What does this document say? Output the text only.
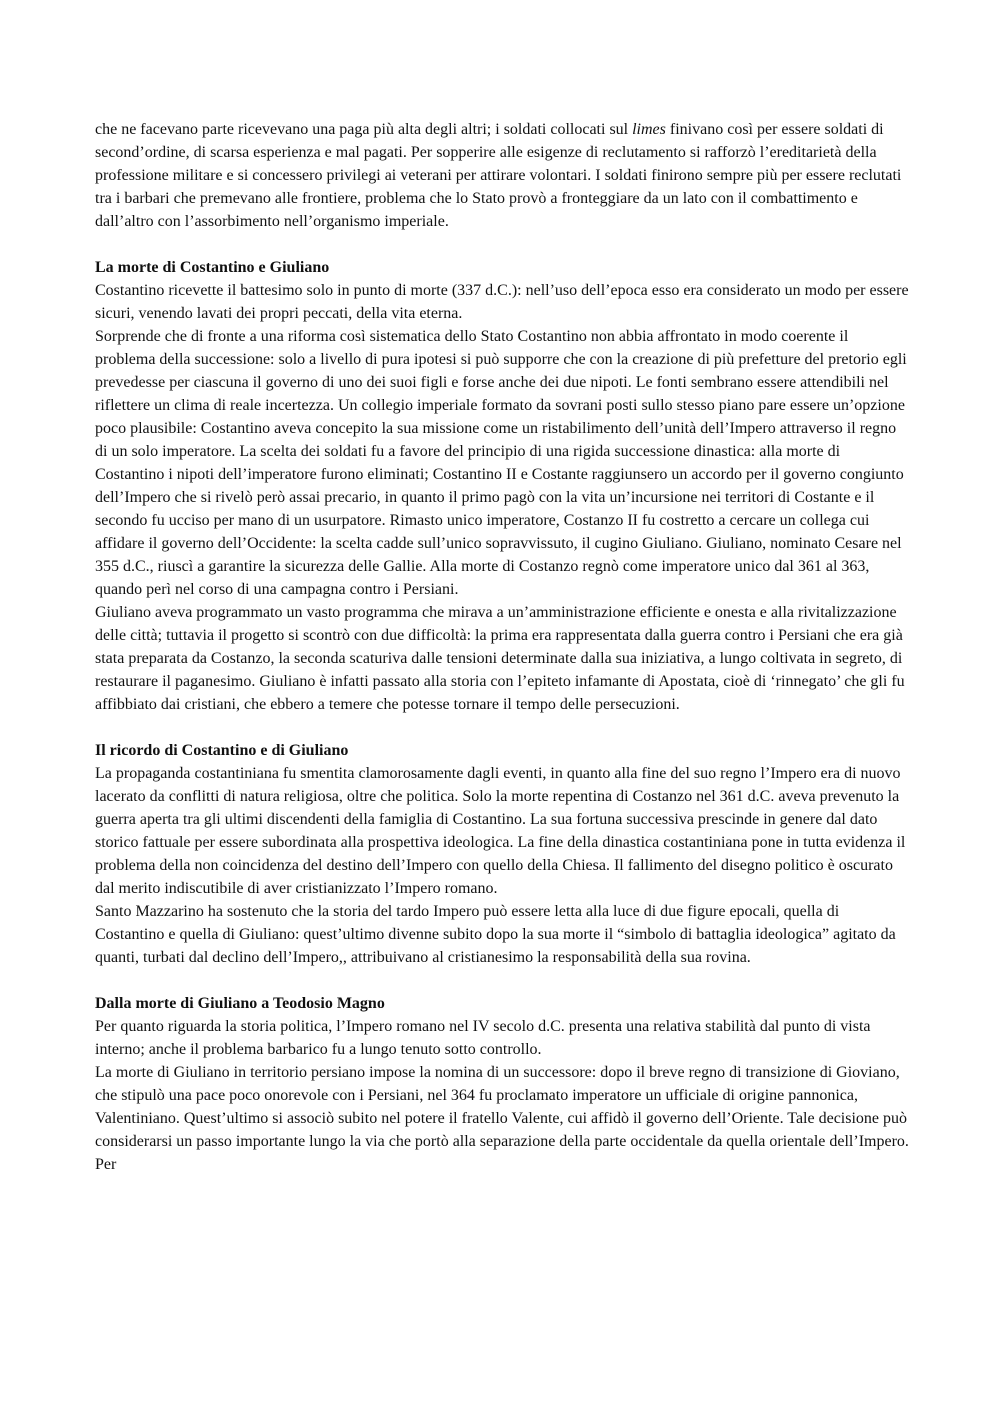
che ne facevano parte ricevevano una paga più alta degli altri; i soldati collocati sul limes finivano così per essere soldati di second’ordine, di scarsa esperienza e mal pagati. Per sopperire alle esigenze di reclutamento si rafforzò l’ereditarietà della professione militare e si concessero privilegi ai veterani per attirare volontari. I soldati finirono sempre più per essere reclutati tra i barbari che premevano alle frontiere, problema che lo Stato provò a fronteggiare da un lato con il combattimento e dall’altro con l’assorbimento nell’organismo imperiale.

La morte di Costantino e Giuliano

Costantino ricevette il battesimo solo in punto di morte (337 d.C.): nell’uso dell’epoca esso era considerato un modo per essere sicuri, venendo lavati dei propri peccati, della vita eterna.

Sorprende che di fronte a una riforma così sistematica dello Stato Costantino non abbia affrontato in modo coerente il problema della successione: solo a livello di pura ipotesi si può supporre che con la creazione di più prefetture del pretorio egli prevedesse per ciascuna il governo di uno dei suoi figli e forse anche dei due nipoti. Le fonti sembrano essere attendibili nel riflettere un clima di reale incertezza. Un collegio imperiale formato da sovrani posti sullo stesso piano pare essere un’opzione poco plausibile: Costantino aveva concepito la sua missione come un ristabilimento dell’unità dell’Impero attraverso il regno di un solo imperatore. La scelta dei soldati fu a favore del principio di una rigida successione dinastica: alla morte di Costantino i nipoti dell’imperatore furono eliminati; Costantino II e Costante raggiunsero un accordo per il governo congiunto dell’Impero che si rivelò però assai precario, in quanto il primo pagò con la vita un’incursione nei territori di Costante e il secondo fu ucciso per mano di un usurpatore. Rimasto unico imperatore, Costanzo II fu costretto a cercare un collega cui affidare il governo dell’Occidente: la scelta cadde sull’unico sopravvissuto, il cugino Giuliano. Giuliano, nominato Cesare nel 355 d.C., riuscì a garantire la sicurezza delle Gallie. Alla morte di Costanzo regnò come imperatore unico dal 361 al 363, quando perì nel corso di una campagna contro i Persiani.

Giuliano aveva programmato un vasto programma che mirava a un’amministrazione efficiente e onesta e alla rivitalizzazione delle città; tuttavia il progetto si scontrò con due difficoltà: la prima era rappresentata dalla guerra contro i Persiani che era già stata preparata da Costanzo, la seconda scaturiva dalle tensioni determinate dalla sua iniziativa, a lungo coltivata in segreto, di restaurare il paganesimo. Giuliano è infatti passato alla storia con l’epiteto infamante di Apostata, cioè di ‘rinnegato’ che gli fu affibbiato dai cristiani, che ebbero a temere che potesse tornare il tempo delle persecuzioni.

Il ricordo di Costantino e di Giuliano

La propaganda costantiniana fu smentita clamorosamente dagli eventi, in quanto alla fine del suo regno l’Impero era di nuovo lacerato da conflitti di natura religiosa, oltre che politica. Solo la morte repentina di Costanzo nel 361 d.C. aveva prevenuto la guerra aperta tra gli ultimi discendenti della famiglia di Costantino. La sua fortuna successiva prescinde in genere dal dato storico fattuale per essere subordinata alla prospettiva ideologica. La fine della dinastica costantiniana pone in tutta evidenza il problema della non coincidenza del destino dell’Impero con quello della Chiesa. Il fallimento del disegno politico è oscurato dal merito indiscutibile di aver cristianizzato l’Impero romano.

Santo Mazzarino ha sostenuto che la storia del tardo Impero può essere letta alla luce di due figure epocali, quella di Costantino e quella di Giuliano: quest’ultimo divenne subito dopo la sua morte il “simbolo di battaglia ideologica” agitato da quanti, turbati dal declino dell’Impero,, attribuivano al cristianesimo la responsabilità della sua rovina.

Dalla morte di Giuliano a Teodosio Magno

Per quanto riguarda la storia politica, l’Impero romano nel IV secolo d.C. presenta una relativa stabilità dal punto di vista interno; anche il problema barbarico fu a lungo tenuto sotto controllo.

La morte di Giuliano in territorio persiano impose la nomina di un successore: dopo il breve regno di transizione di Gioviano, che stipulò una pace poco onorevole con i Persiani, nel 364 fu proclamato imperatore un ufficiale di origine pannonica, Valentiniano. Quest’ultimo si associò subito nel potere il fratello Valente, cui affidò il governo dell’Oriente. Tale decisione può considerarsi un passo importante lungo la via che portò alla separazione della parte occidentale da quella orientale dell’Impero. Per
